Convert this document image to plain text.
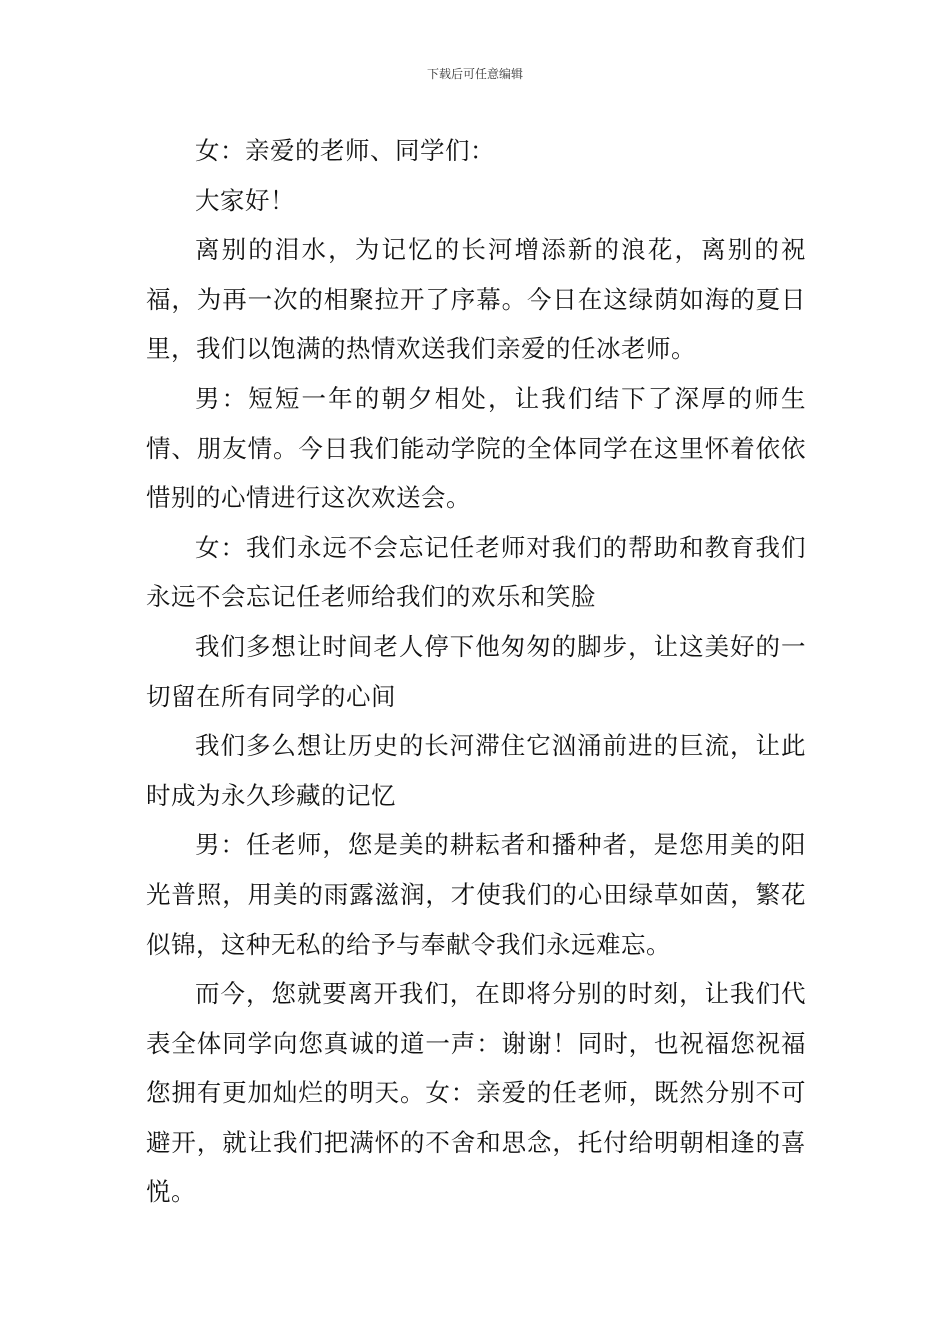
下载后可任意编辑

女：亲爱的老师、同学们：

大家好！

离别的泪水，为记忆的长河增添新的浪花，离别的祝福，为再一次的相聚拉开了序幕。今日在这绿荫如海的夏日里，我们以饱满的热情欢送我们亲爱的任冰老师。

男：短短一年的朝夕相处，让我们结下了深厚的师生情、朋友情。今日我们能动学院的全体同学在这里怀着依依惜别的心情进行这次欢送会。

女：我们永远不会忘记任老师对我们的帮助和教育我们永远不会忘记任老师给我们的欢乐和笑脸

我们多想让时间老人停下他匆匆的脚步，让这美好的一切留在所有同学的心间

我们多么想让历史的长河滞住它汹涌前进的巨流，让此时成为永久珍藏的记忆

男：任老师，您是美的耕耘者和播种者，是您用美的阳光普照，用美的雨露滋润，才使我们的心田绿草如茵，繁花似锦，这种无私的给予与奉献令我们永远难忘。

而今，您就要离开我们，在即将分别的时刻，让我们代表全体同学向您真诚的道一声：谢谢！同时，也祝福您祝福您拥有更加灿烂的明天。女：亲爱的任老师，既然分别不可避开，就让我们把满怀的不舍和思念，托付给明朝相逢的喜悦。
